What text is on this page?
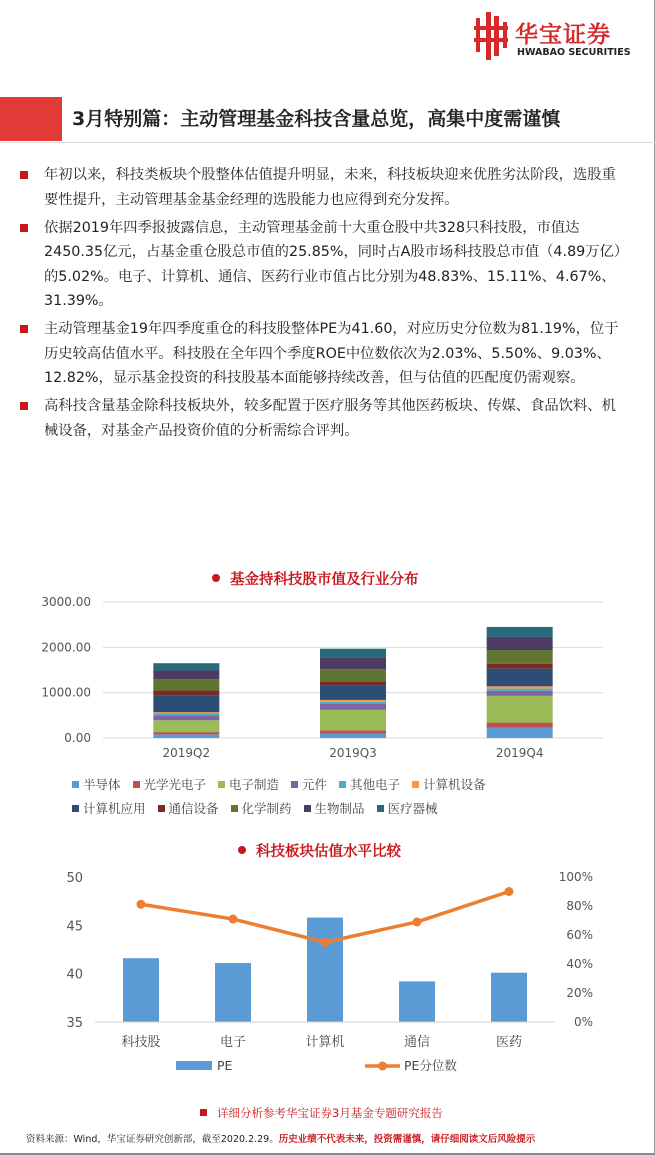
华宝证券
HWABAO SECURITIES
3月特别篇：主动管理基金科技含量总览，高集中度需谨慎
年初以来，科技类板块个股整体估值提升明显，未来，科技板块迎来优胜劣汰阶段，选股重要性提升，主动管理基金基金经理的选股能力也应得到充分发挥。
依据2019年四季报披露信息，主动管理基金前十大重仓股中共328只科技股，市值达2450.35亿元，占基金重仓股总市值的25.85%，同时占A股市场科技股总市值（4.89万亿）的5.02%。电子、计算机、通信、医药行业市值占比分别为48.83%、15.11%、4.67%、31.39%。
主动管理基金19年四季度重仓的科技股整体PE为41.60，对应历史分位数为81.19%，位于历史较高估值水平。科技股在全年四个季度ROE中位数依次为2.03%、5.50%、9.03%、12.82%，显示基金投资的科技股基本面能够持续改善，但与估值的匹配度仍需观察。
高科技含量基金除科技板块外，较多配置于医疗服务等其他医药板块、传媒、食品饮料、机械设备，对基金产品投资价值的分析需综合评判。
基金持科技股市值及行业分布
0.00
1000.00
2000.00
3000.00
2019Q2	2019Q3	2019Q4
半导体 光学光电子 电子制造 元件 其他电子 计算机设备
计算机应用 通信设备 化学制药 生物制品 医疗器械
科技板块估值水平比较
35
40
45
50
0%
20%
40%
60%
80%
100%
科技股	电子	计算机	通信	医药
PE	PE分位数
详细分析参考华宝证券3月基金专题研究报告
资料来源：Wind，华宝证券研究创新部，截至2020.2.29。历史业绩不代表未来，投资需谨慎，请仔细阅读文后风险提示
